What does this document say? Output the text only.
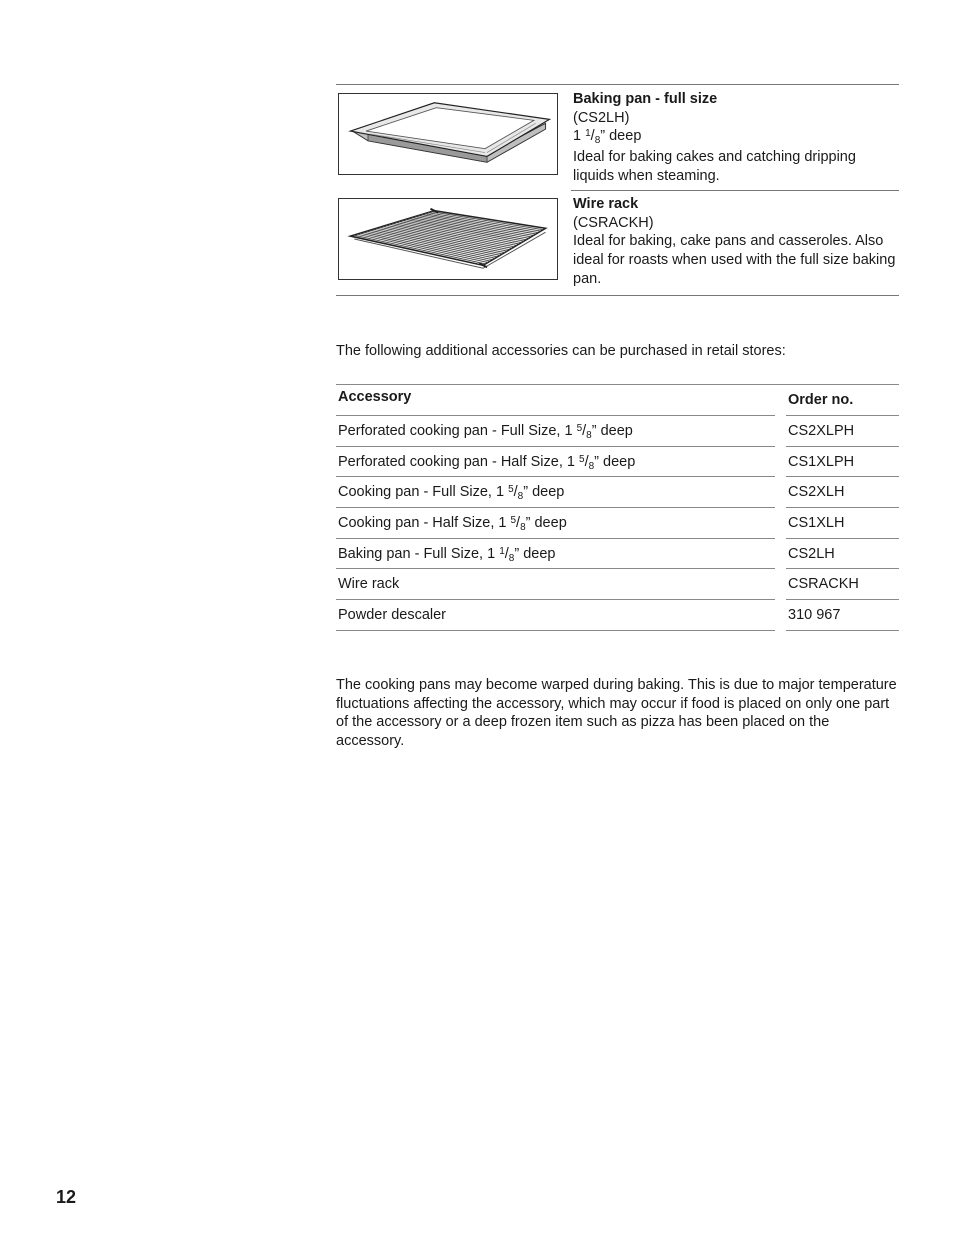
Baking pan - full size
(CS2LH)
1 $^1/_8$” deep
Ideal for baking cakes and catching dripping liquids when steaming.
Wire rack
(CSRACKH)
Ideal for baking, cake pans and casseroles. Also ideal for roasts when used with the full size baking pan.
The following additional accessories can be purchased in retail stores:
Accessory	Order no.
Perforated cooking pan - Full Size, 1 $^5/_8$” deep	CS2XLPH
Perforated cooking pan - Half Size, 1 $^5/_8$” deep	CS1XLPH
Cooking pan - Full Size, 1 $^5/_8$” deep	CS2XLH
Cooking pan - Half Size, 1 $^5/_8$” deep	CS1XLH
Baking pan - Full Size, 1 $^1/_8$” deep	CS2LH
Wire rack	CSRACKH
Powder descaler	310 967
The cooking pans may become warped during baking. This is due to major temperature fluctuations affecting the accessory, which may occur if food is placed on only one part of the accessory or a deep frozen item such as pizza has been placed on the accessory.
12
